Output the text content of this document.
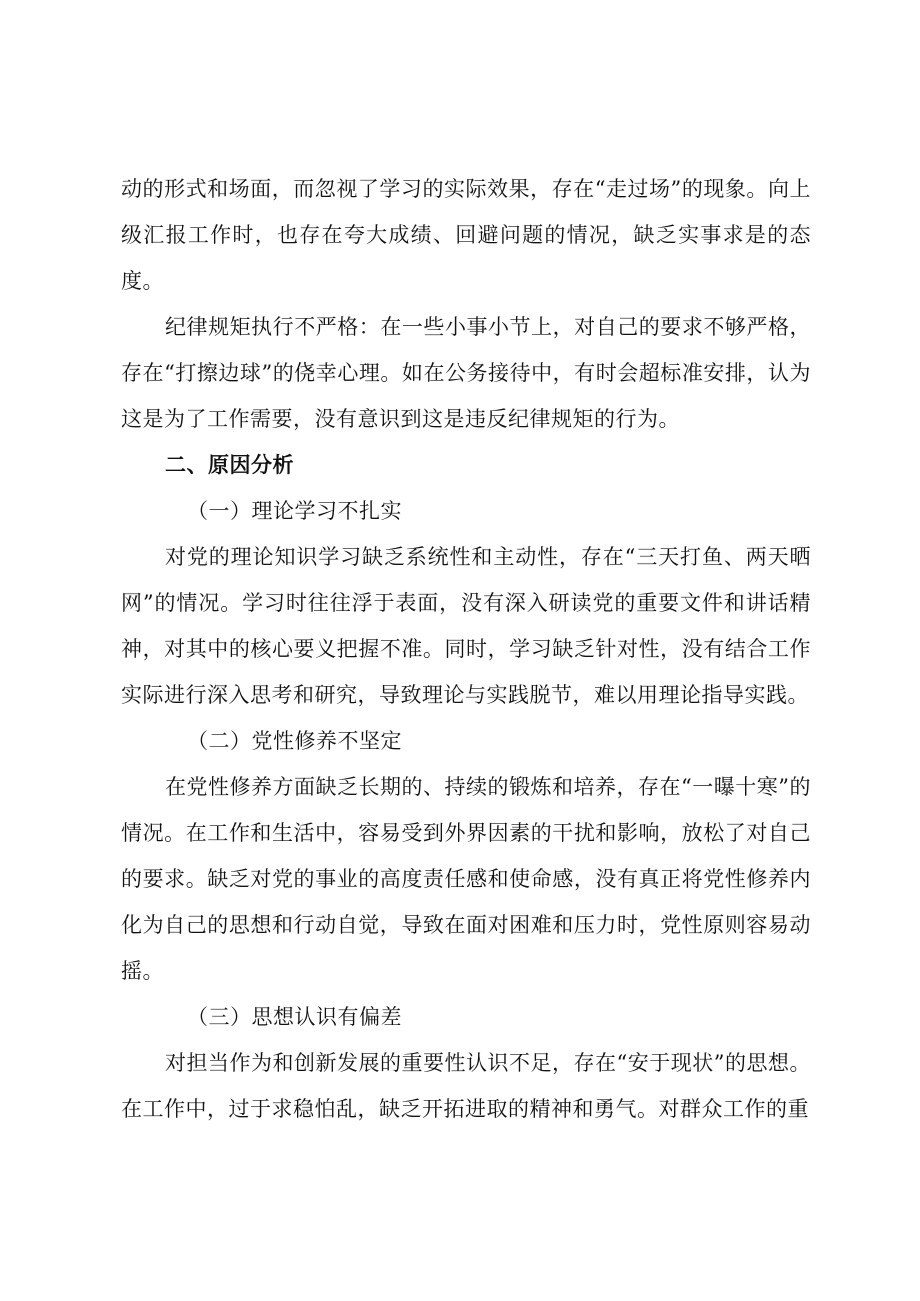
动的形式和场面，而忽视了学习的实际效果，存在“走过场”的现象。向上级汇报工作时，也存在夸大成绩、回避问题的情况，缺乏实事求是的态度。

纪律规矩执行不严格：在一些小事小节上，对自己的要求不够严格，存在“打擦边球”的侥幸心理。如在公务接待中，有时会超标准安排，认为这是为了工作需要，没有意识到这是违反纪律规矩的行为。

二、原因分析

（一）理论学习不扎实

对党的理论知识学习缺乏系统性和主动性，存在“三天打鱼、两天晒网”的情况。学习时往往浮于表面，没有深入研读党的重要文件和讲话精神，对其中的核心要义把握不准。同时，学习缺乏针对性，没有结合工作实际进行深入思考和研究，导致理论与实践脱节，难以用理论指导实践。

（二）党性修养不坚定

在党性修养方面缺乏长期的、持续的锻炼和培养，存在“一曝十寒”的情况。在工作和生活中，容易受到外界因素的干扰和影响，放松了对自己的要求。缺乏对党的事业的高度责任感和使命感，没有真正将党性修养内化为自己的思想和行动自觉，导致在面对困难和压力时，党性原则容易动摇。

（三）思想认识有偏差

对担当作为和创新发展的重要性认识不足，存在“安于现状”的思想。在工作中，过于求稳怕乱，缺乏开拓进取的精神和勇气。对群众工作的重
